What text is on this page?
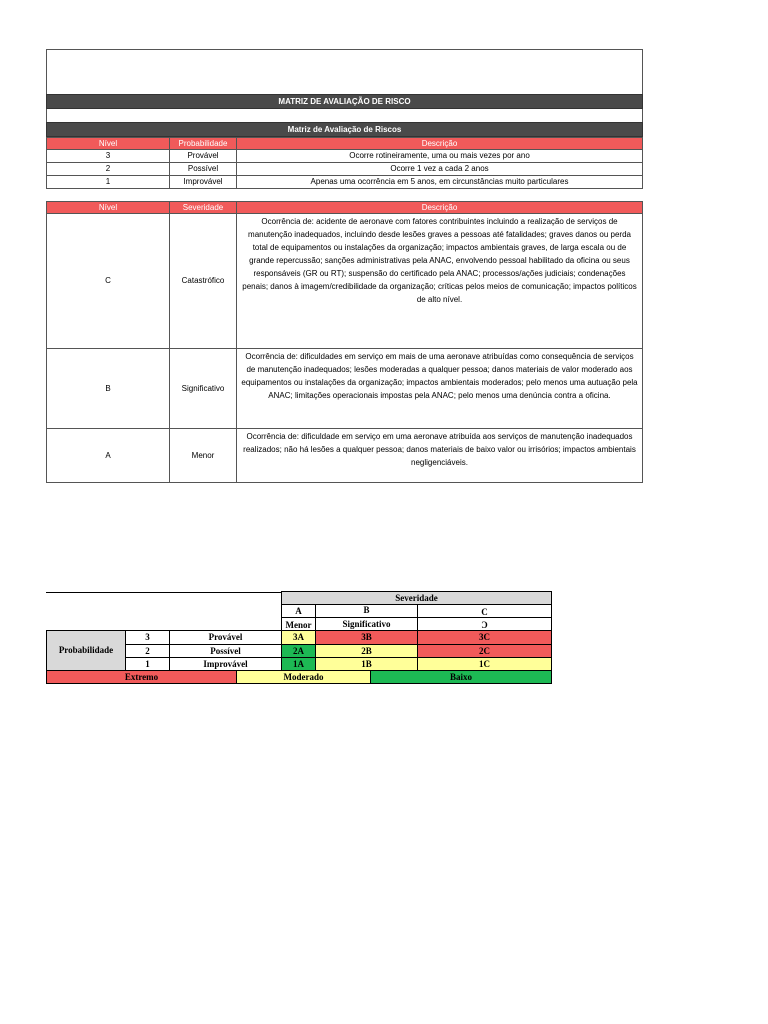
MATRIZ DE AVALIAÇÃO DE RISCO
Matriz de Avaliação de Riscos
Nível	Probabilidade	Descrição
3	Provável	Ocorre rotineiramente, uma ou mais vezes por ano
2	Possível	Ocorre 1 vez a cada 2 anos
1	Improvável	Apenas uma ocorrência em 5 anos, em circunstâncias muito particulares
Nível	Severidade	Descrição
C	Catastrófico	Ocorrência de: acidente de aeronave com fatores contribuintes incluindo a realização de serviços de manutenção inadequados, incluindo desde lesões graves a pessoas até fatalidades; graves danos ou perda total de equipamentos ou instalações da organização; impactos ambientais graves, de larga escala ou de grande repercussão; sanções administrativas pela ANAC, envolvendo pessoal habilitado da oficina ou seus responsáveis (GR ou RT); suspensão do certificado pela ANAC; processos/ações judiciais; condenações penais; danos à imagem/credibilidade da organização; críticas pelos meios de comunicação; impactos políticos de alto nível.
B	Significativo	Ocorrência de: dificuldades em serviço em mais de uma aeronave atribuídas como consequência de serviços de manutenção inadequados; lesões moderadas a qualquer pessoa; danos materiais de valor moderado aos equipamentos ou instalações da organização; impactos ambientais moderados; pelo menos uma autuação pela ANAC; limitações operacionais impostas pela ANAC; pelo menos uma denúncia contra a oficina.
A	Menor	Ocorrência de: dificuldade em serviço em uma aeronave atribuída aos serviços de manutenção inadequados realizados; não há lesões a qualquer pessoa; danos materiais de baixo valor ou irrisórios; impactos ambientais negligenciáveis.
Severidade
A	B	C
Menor	Significativo	Ͻ
Probabilidade
3	Provável	3A	3B	3C
2	Possível	2A	2B	2C
1	Improvável	1A	1B	1C
Extremo	Moderado	Baixo
